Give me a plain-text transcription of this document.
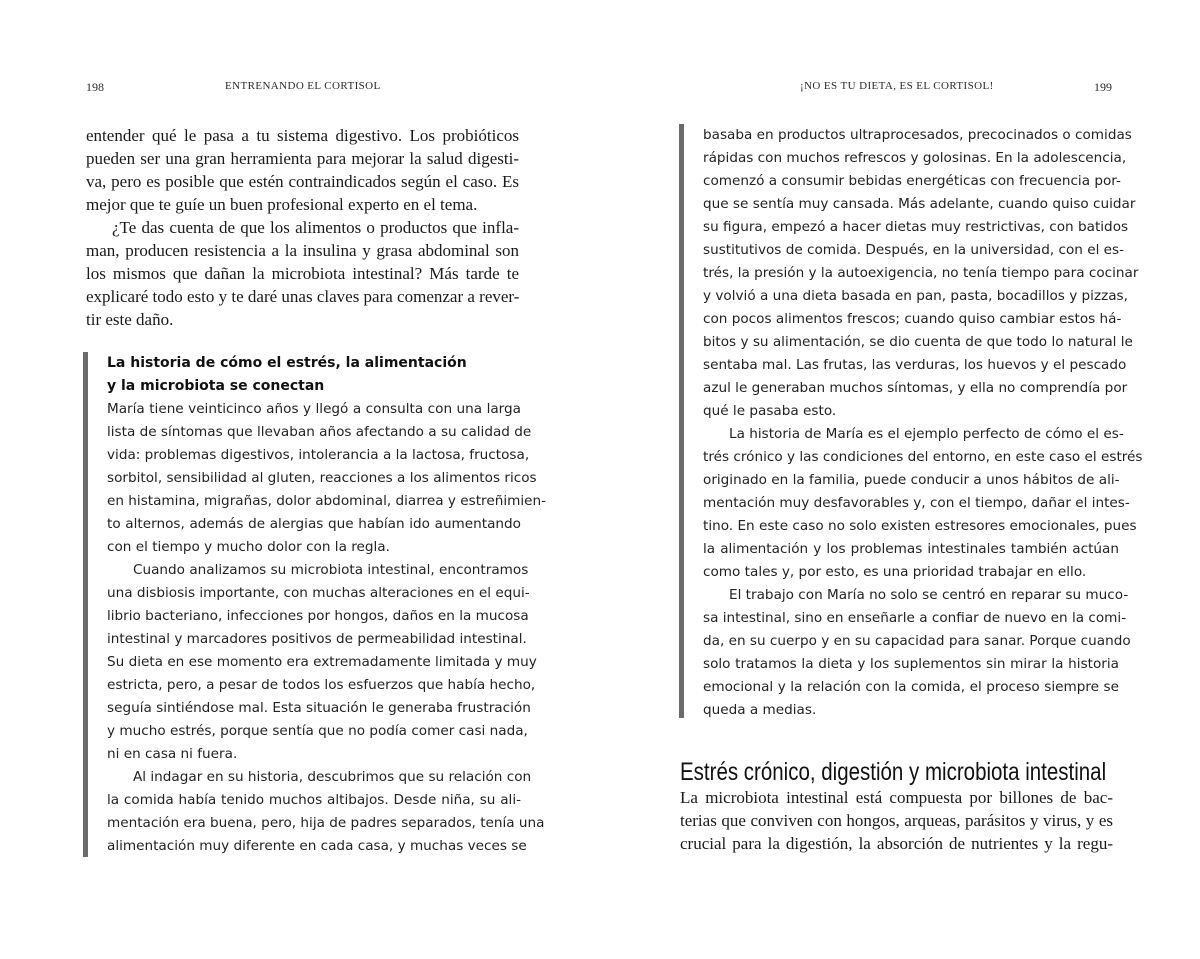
198	ENTRENANDO EL CORTISOL

entender qué le pasa a tu sistema digestivo. Los probióticos
pueden ser una gran herramienta para mejorar la salud digesti-
va, pero es posible que estén contraindicados según el caso. Es
mejor que te guíe un buen profesional experto en el tema.

¿Te das cuenta de que los alimentos o productos que infla-
man, producen resistencia a la insulina y grasa abdominal son
los mismos que dañan la microbiota intestinal? Más tarde te
explicaré todo esto y te daré unas claves para comenzar a rever-
tir este daño.

La historia de cómo el estrés, la alimentación
y la microbiota se conectan

María tiene veinticinco años y llegó a consulta con una larga
lista de síntomas que llevaban años afectando a su calidad de
vida: problemas digestivos, intolerancia a la lactosa, fructosa,
sorbitol, sensibilidad al gluten, reacciones a los alimentos ricos
en histamina, migrañas, dolor abdominal, diarrea y estreñimien-
to alternos, además de alergias que habían ido aumentando
con el tiempo y mucho dolor con la regla.

Cuando analizamos su microbiota intestinal, encontramos
una disbiosis importante, con muchas alteraciones en el equi-
librio bacteriano, infecciones por hongos, daños en la mucosa
intestinal y marcadores positivos de permeabilidad intestinal.
Su dieta en ese momento era extremadamente limitada y muy
estricta, pero, a pesar de todos los esfuerzos que había hecho,
seguía sintiéndose mal. Esta situación le generaba frustración
y mucho estrés, porque sentía que no podía comer casi nada,
ni en casa ni fuera.

Al indagar en su historia, descubrimos que su relación con
la comida había tenido muchos altibajos. Desde niña, su ali-
mentación era buena, pero, hija de padres separados, tenía una
alimentación muy diferente en cada casa, y muchas veces se

¡NO ES TU DIETA, ES EL CORTISOL!	199

basaba en productos ultraprocesados, precocinados o comidas
rápidas con muchos refrescos y golosinas. En la adolescencia,
comenzó a consumir bebidas energéticas con frecuencia por-
que se sentía muy cansada. Más adelante, cuando quiso cuidar
su figura, empezó a hacer dietas muy restrictivas, con batidos
sustitutivos de comida. Después, en la universidad, con el es-
trés, la presión y la autoexigencia, no tenía tiempo para cocinar
y volvió a una dieta basada en pan, pasta, bocadillos y pizzas,
con pocos alimentos frescos; cuando quiso cambiar estos há-
bitos y su alimentación, se dio cuenta de que todo lo natural le
sentaba mal. Las frutas, las verduras, los huevos y el pescado
azul le generaban muchos síntomas, y ella no comprendía por
qué le pasaba esto.

La historia de María es el ejemplo perfecto de cómo el es-
trés crónico y las condiciones del entorno, en este caso el estrés
originado en la familia, puede conducir a unos hábitos de ali-
mentación muy desfavorables y, con el tiempo, dañar el intes-
tino. En este caso no solo existen estresores emocionales, pues
la alimentación y los problemas intestinales también actúan
como tales y, por esto, es una prioridad trabajar en ello.

El trabajo con María no solo se centró en reparar su muco-
sa intestinal, sino en enseñarle a confiar de nuevo en la comi-
da, en su cuerpo y en su capacidad para sanar. Porque cuando
solo tratamos la dieta y los suplementos sin mirar la historia
emocional y la relación con la comida, el proceso siempre se
queda a medias.

Estrés crónico, digestión y microbiota intestinal

La microbiota intestinal está compuesta por billones de bac-
terias que conviven con hongos, arqueas, parásitos y virus, y es
crucial para la digestión, la absorción de nutrientes y la regu-
